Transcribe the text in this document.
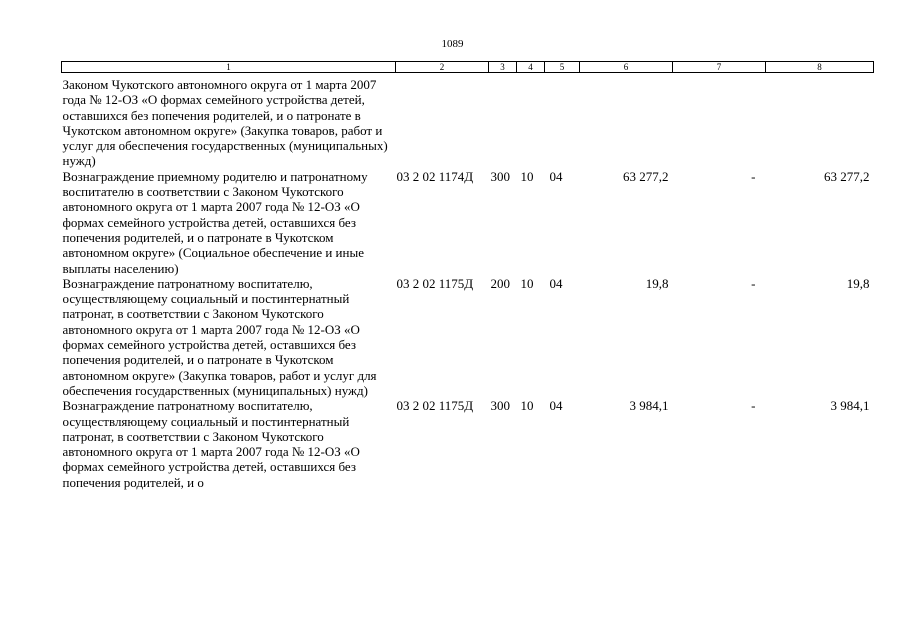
1089
1	2	3	4	5	6	7	8
Законом Чукотского автономного округа от 1 марта 2007 года № 12-ОЗ «О формах семейного устройства детей, оставшихся без попечения родителей, и о патронате в Чукотском автономном округе» (Закупка товаров, работ и услуг для обеспечения государственных (муниципальных) нужд)							
Вознаграждение приемному родителю и патронатному воспитателю в соответствии с Законом Чукотского автономного округа от 1 марта 2007 года № 12-ОЗ «О формах семейного устройства детей, оставшихся без попечения родителей, и о патронате в Чукотском автономном округе» (Социальное обеспечение и иные выплаты населению)	03 2 02 1174Д	300	10	04	63 277,2	-	63 277,2
Вознаграждение патронатному воспитателю, осуществляющему социальный и постинтернатный патронат, в соответствии с Законом Чукотского автономного округа от 1 марта 2007 года № 12-ОЗ «О формах семейного устройства детей, оставшихся без попечения родителей, и о патронате в Чукотском автономном округе» (Закупка товаров, работ и услуг для обеспечения государственных (муниципальных) нужд)	03 2 02 1175Д	200	10	04	19,8	-	19,8
Вознаграждение патронатному воспитателю, осуществляющему социальный и постинтернатный патронат, в соответствии с Законом Чукотского автономного округа от 1 марта 2007 года № 12-ОЗ «О формах семейного устройства детей, оставшихся без попечения родителей, и о	03 2 02 1175Д	300	10	04	3 984,1	-	3 984,1
